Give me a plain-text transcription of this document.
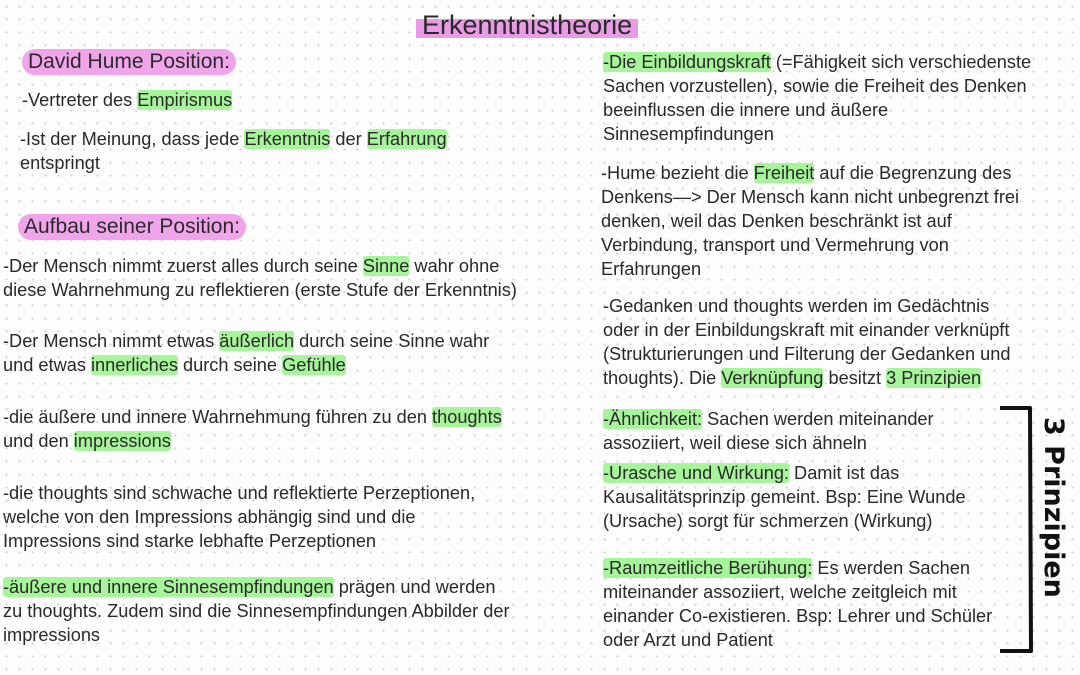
Erkenntnistheorie
David Hume Position:

-Vertreter des Empirismus

-Ist der Meinung, dass jede Erkenntnis der Erfahrung
entspringt

Aufbau seiner Position:

-Der Mensch nimmt zuerst alles durch seine Sinne wahr ohne
diese Wahrnehmung zu reflektieren (erste Stufe der Erkenntnis)

-Der Mensch nimmt etwas äußerlich durch seine Sinne wahr
und etwas innerliches durch seine Gefühle

-die äußere und innere Wahrnehmung führen zu den thoughts
und den impressions

-die thoughts sind schwache und reflektierte Perzeptionen,
welche von den Impressions abhängig sind und die
Impressions sind starke lebhafte Perzeptionen

-äußere und innere Sinnesempfindungen prägen und werden
zu thoughts. Zudem sind die Sinnesempfindungen Abbilder der
impressions

-Die Einbildungskraft (=Fähigkeit sich verschiedenste
Sachen vorzustellen), sowie die Freiheit des Denken
beeinflussen die innere und äußere
Sinnesempfindungen

-Hume bezieht die Freiheit auf die Begrenzung des
Denkens—> Der Mensch kann nicht unbegrenzt frei
denken, weil das Denken beschränkt ist auf
Verbindung, transport und Vermehrung von
Erfahrungen

-Gedanken und thoughts werden im Gedächtnis
oder in der Einbildungskraft mit einander verknüpft
(Strukturierungen und Filterung der Gedanken und
thoughts). Die Verknüpfung besitzt 3 Prinzipien

-Ähnlichkeit: Sachen werden miteinander
assoziiert, weil diese sich ähneln

-Urasche und Wirkung: Damit ist das
Kausalitätsprinzip gemeint. Bsp: Eine Wunde
(Ursache) sorgt für schmerzen (Wirkung)

-Raumzeitliche Berühung: Es werden Sachen
miteinander assoziiert, welche zeitgleich mit
einander Co-existieren. Bsp: Lehrer und Schüler
oder Arzt und Patient

3 Prinzipien
